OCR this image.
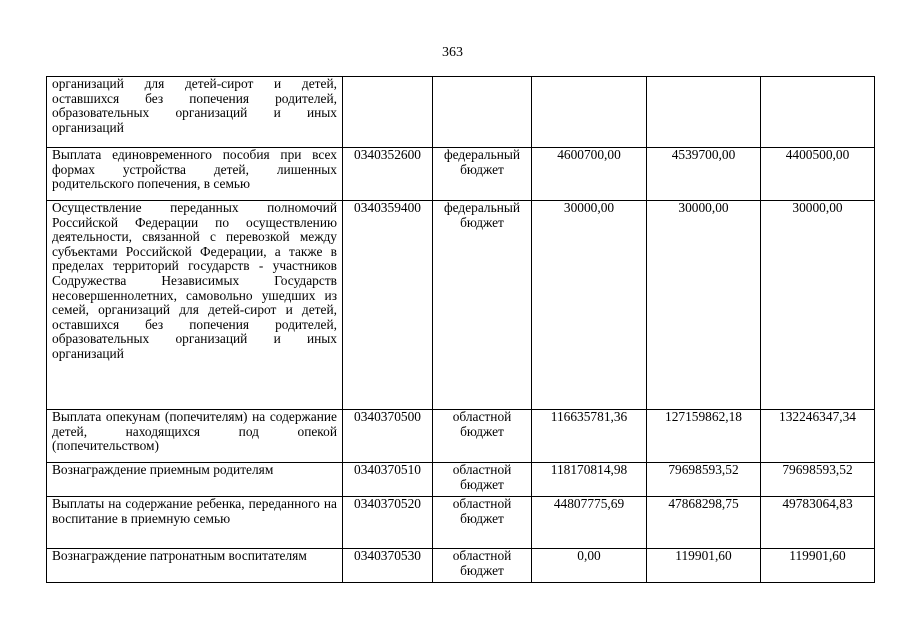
363
организаций для детей-сирот и детей, оставшихся без попечения родителей, образовательных организаций и иных организаций					
Выплата единовременного пособия при всех формах устройства детей, лишенных родительского попечения, в семью	0340352600	федеральный бюджет	4600700,00	4539700,00	4400500,00
Осуществление переданных полномочий Российской Федерации по осуществлению деятельности, связанной с перевозкой между субъектами Российской Федерации, а также в пределах территорий государств - участников Содружества Независимых Государств несовершеннолетних, самовольно ушедших из семей, организаций для детей-сирот и детей, оставшихся без попечения родителей, образовательных организаций и иных организаций	0340359400	федеральный бюджет	30000,00	30000,00	30000,00
Выплата опекунам (попечителям) на содержание детей, находящихся под опекой (попечительством)	0340370500	областной бюджет	116635781,36	127159862,18	132246347,34
Вознаграждение приемным родителям	0340370510	областной бюджет	118170814,98	79698593,52	79698593,52
Выплаты на содержание ребенка, переданного на воспитание в приемную семью	0340370520	областной бюджет	44807775,69	47868298,75	49783064,83
Вознаграждение патронатным воспитателям	0340370530	областной бюджет	0,00	119901,60	119901,60
